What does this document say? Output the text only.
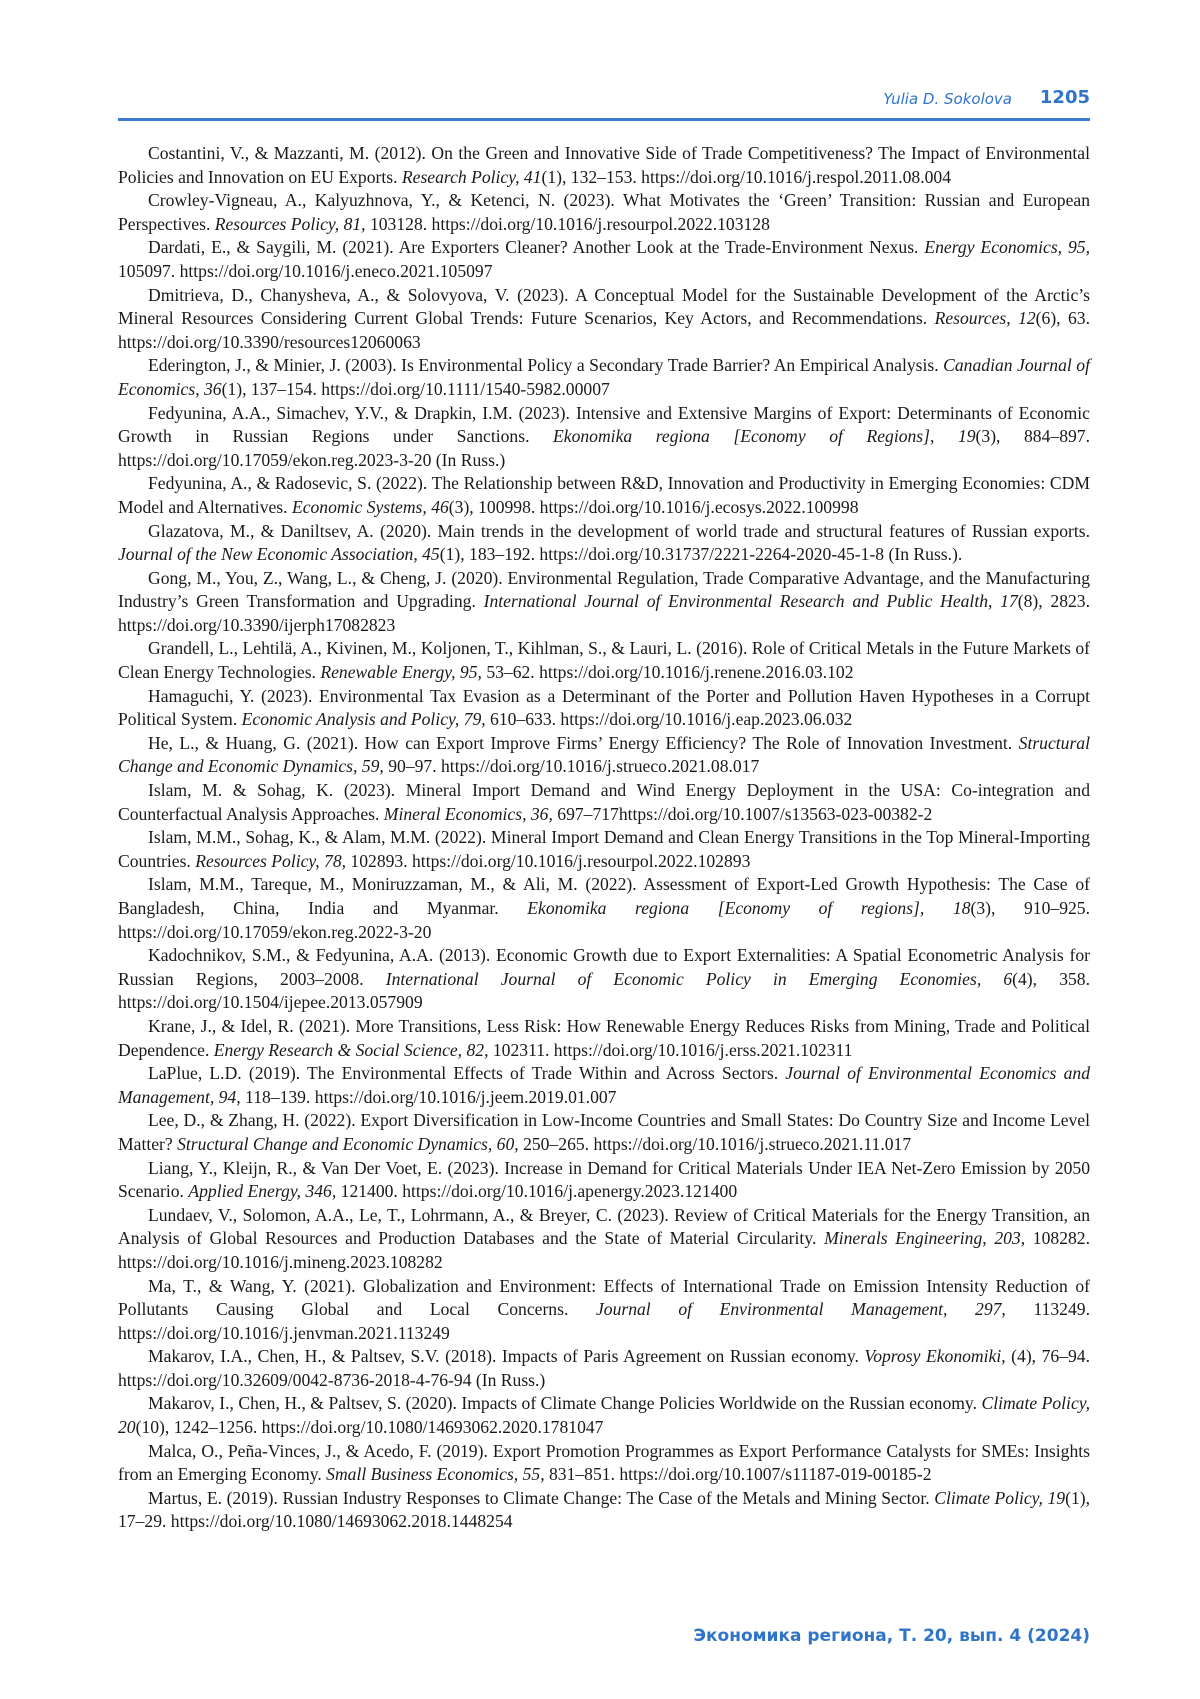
Yulia D. Sokolova 1205

Costantini, V., & Mazzanti, M. (2012). On the Green and Innovative Side of Trade Competitiveness? The Impact of Environmental Policies and Innovation on EU Exports. Research Policy, 41(1), 132–153. https://doi.org/10.1016/j.respol.2011.08.004

Crowley-Vigneau, A., Kalyuzhnova, Y., & Ketenci, N. (2023). What Motivates the ‘Green’ Transition: Russian and European Perspectives. Resources Policy, 81, 103128. https://doi.org/10.1016/j.resourpol.2022.103128

Dardati, E., & Saygili, M. (2021). Are Exporters Cleaner? Another Look at the Trade-Environment Nexus. Energy Economics, 95, 105097. https://doi.org/10.1016/j.eneco.2021.105097

Dmitrieva, D., Chanysheva, A., & Solovyova, V. (2023). A Conceptual Model for the Sustainable Development of the Arctic’s Mineral Resources Considering Current Global Trends: Future Scenarios, Key Actors, and Recommendations. Resources, 12(6), 63. https://doi.org/10.3390/resources12060063

Ederington, J., & Minier, J. (2003). Is Environmental Policy a Secondary Trade Barrier? An Empirical Analysis. Canadian Journal of Economics, 36(1), 137–154. https://doi.org/10.1111/1540-5982.00007

Fedyunina, A.A., Simachev, Y.V., & Drapkin, I.M. (2023). Intensive and Extensive Margins of Export: Determinants of Economic Growth in Russian Regions under Sanctions. Ekonomika regiona [Economy of Regions], 19(3), 884–897. https://doi.org/10.17059/ekon.reg.2023-3-20 (In Russ.)

Fedyunina, A., & Radosevic, S. (2022). The Relationship between R&D, Innovation and Productivity in Emerging Economies: CDM Model and Alternatives. Economic Systems, 46(3), 100998. https://doi.org/10.1016/j.ecosys.2022.100998

Glazatova, M., & Daniltsev, A. (2020). Main trends in the development of world trade and structural features of Russian exports. Journal of the New Economic Association, 45(1), 183–192. https://doi.org/10.31737/2221-2264-2020-45-1-8 (In Russ.).

Gong, M., You, Z., Wang, L., & Cheng, J. (2020). Environmental Regulation, Trade Comparative Advantage, and the Manufacturing Industry’s Green Transformation and Upgrading. International Journal of Environmental Research and Public Health, 17(8), 2823. https://doi.org/10.3390/ijerph17082823

Grandell, L., Lehtilä, A., Kivinen, M., Koljonen, T., Kihlman, S., & Lauri, L. (2016). Role of Critical Metals in the Future Markets of Clean Energy Technologies. Renewable Energy, 95, 53–62. https://doi.org/10.1016/j.renene.2016.03.102

Hamaguchi, Y. (2023). Environmental Tax Evasion as a Determinant of the Porter and Pollution Haven Hypotheses in a Corrupt Political System. Economic Analysis and Policy, 79, 610–633. https://doi.org/10.1016/j.eap.2023.06.032

He, L., & Huang, G. (2021). How can Export Improve Firms’ Energy Efficiency? The Role of Innovation Investment. Structural Change and Economic Dynamics, 59, 90–97. https://doi.org/10.1016/j.strueco.2021.08.017

Islam, M. & Sohag, K. (2023). Mineral Import Demand and Wind Energy Deployment in the USA: Co-integration and Counterfactual Analysis Approaches. Mineral Economics, 36, 697–717https://doi.org/10.1007/s13563-023-00382-2

Islam, M.M., Sohag, K., & Alam, M.M. (2022). Mineral Import Demand and Clean Energy Transitions in the Top Mineral-Importing Countries. Resources Policy, 78, 102893. https://doi.org/10.1016/j.resourpol.2022.102893

Islam, M.M., Tareque, M., Moniruzzaman, M., & Ali, M. (2022). Assessment of Export-Led Growth Hypothesis: The Case of Bangladesh, China, India and Myanmar. Ekonomika regiona [Economy of regions], 18(3), 910–925. https://doi.org/10.17059/ekon.reg.2022-3-20

Kadochnikov, S.M., & Fedyunina, A.A. (2013). Economic Growth due to Export Externalities: A Spatial Econometric Analysis for Russian Regions, 2003–2008. International Journal of Economic Policy in Emerging Economies, 6(4), 358. https://doi.org/10.1504/ijepee.2013.057909

Krane, J., & Idel, R. (2021). More Transitions, Less Risk: How Renewable Energy Reduces Risks from Mining, Trade and Political Dependence. Energy Research & Social Science, 82, 102311. https://doi.org/10.1016/j.erss.2021.102311

LaPlue, L.D. (2019). The Environmental Effects of Trade Within and Across Sectors. Journal of Environmental Economics and Management, 94, 118–139. https://doi.org/10.1016/j.jeem.2019.01.007

Lee, D., & Zhang, H. (2022). Export Diversification in Low-Income Countries and Small States: Do Country Size and Income Level Matter? Structural Change and Economic Dynamics, 60, 250–265. https://doi.org/10.1016/j.strueco.2021.11.017

Liang, Y., Kleijn, R., & Van Der Voet, E. (2023). Increase in Demand for Critical Materials Under IEA Net-Zero Emission by 2050 Scenario. Applied Energy, 346, 121400. https://doi.org/10.1016/j.apenergy.2023.121400

Lundaev, V., Solomon, A.A., Le, T., Lohrmann, A., & Breyer, C. (2023). Review of Critical Materials for the Energy Transition, an Analysis of Global Resources and Production Databases and the State of Material Circularity. Minerals Engineering, 203, 108282. https://doi.org/10.1016/j.mineng.2023.108282

Ma, T., & Wang, Y. (2021). Globalization and Environment: Effects of International Trade on Emission Intensity Reduction of Pollutants Causing Global and Local Concerns. Journal of Environmental Management, 297, 113249. https://doi.org/10.1016/j.jenvman.2021.113249

Makarov, I.A., Chen, H., & Paltsev, S.V. (2018). Impacts of Paris Agreement on Russian economy. Voprosy Ekonomiki, (4), 76–94. https://doi.org/10.32609/0042-8736-2018-4-76-94 (In Russ.)

Makarov, I., Chen, H., & Paltsev, S. (2020). Impacts of Climate Change Policies Worldwide on the Russian economy. Climate Policy, 20(10), 1242–1256. https://doi.org/10.1080/14693062.2020.1781047

Malca, O., Peña-Vinces, J., & Acedo, F. (2019). Export Promotion Programmes as Export Performance Catalysts for SMEs: Insights from an Emerging Economy. Small Business Economics, 55, 831–851. https://doi.org/10.1007/s11187-019-00185-2

Martus, E. (2019). Russian Industry Responses to Climate Change: The Case of the Metals and Mining Sector. Climate Policy, 19(1), 17–29. https://doi.org/10.1080/14693062.2018.1448254

Экономика региона, Т. 20, вып. 4 (2024)
